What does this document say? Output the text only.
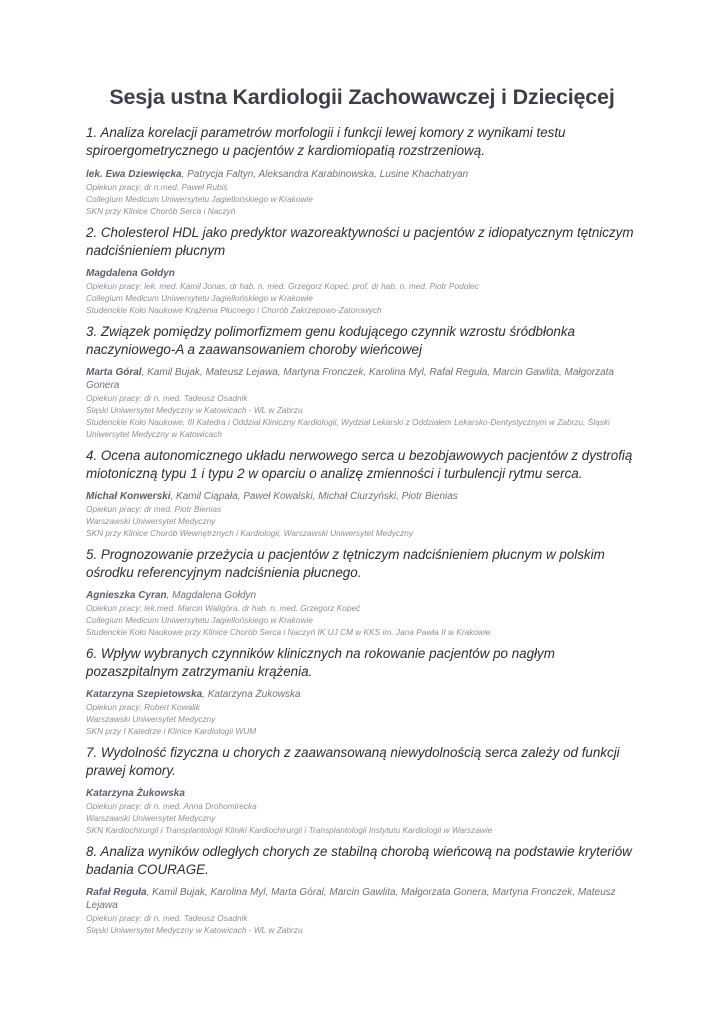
Sesja ustna Kardiologii Zachowawczej i Dziecięcej

1. Analiza korelacji parametrów morfologii i funkcji lewej komory z wynikami testu spiroergometrycznego u pacjentów z kardiomiopatią rozstrzeniową.

lek. Ewa Dziewięcka, Patrycja Faltyn, Aleksandra Karabinowska, Lusine Khachatryan

Opiekun pracy: dr n.med. Paweł Rubiś

Collegium Medicum Uniwersytetu Jagiellońskiego w Krakowie

SKN przy Klinice Chorób Serca i Naczyń

2. Cholesterol HDL jako predyktor wazoreaktywności u pacjentów z idiopatycznym tętniczym nadciśnieniem płucnym

Magdalena Gołdyn

Opiekun pracy: lek. med. Kamil Jonas, dr hab. n. med. Grzegorz Kopeć, prof. dr hab. n. med. Piotr Podolec

Collegium Medicum Uniwersytetu Jagiellońskiego w Krakowie

Studenckie Koło Naukowe Krążenia Płucnego i Chorób Zakrzepowo-Zatorowych

3. Związek pomiędzy polimorfizmem genu kodującego czynnik wzrostu śródbłonka naczyniowego-A a zaawansowaniem choroby wieńcowej

Marta Góral, Kamil Bujak, Mateusz Lejawa, Martyna Fronczek, Karolina Myl, Rafał Reguła, Marcin Gawlita, Małgorzata Gonera

Opiekun pracy: dr n. med. Tadeusz Osadnik

Śląski Uniwersytet Medyczny w Katowicach - WL w Zabrzu

Studenckie Koło Naukowe, III Katedra i Oddział Kliniczny Kardiologii, Wydział Lekarski z Oddziałem Lekarsko-Dentystycznym w Zabrzu, Śląski Uniwersytet Medyczny w Katowicach

4. Ocena autonomicznego układu nerwowego serca u bezobjawowych pacjentów z dystrofią miotoniczną typu 1 i typu 2 w oparciu o analizę zmienności i turbulencji rytmu serca.

Michał Konwerski, Kamil Ciąpała, Paweł Kowalski, Michał Ciurzyński, Piotr Bienias

Opiekun pracy: dr med. Piotr Bienias

Warszawski Uniwersytet Medyczny

SKN przy Klinice Chorób Wewnętrznych i Kardiologii, Warszawski Uniwersytet Medyczny

5. Prognozowanie przeżycia u pacjentów z tętniczym nadciśnieniem płucnym w polskim ośrodku referencyjnym nadciśnienia płucnego.

Agnieszka Cyran, Magdalena Gołdyn

Opiekun pracy: lek.med. Marcin Waligóra, dr hab. n. med. Grzegorz Kopeć

Collegium Medicum Uniwersytetu Jagiellońskiego w Krakowie

Studenckie Koło Naukowe przy Klinice Chorób Serca i Naczyń IK UJ CM w KKS im. Jana Pawła II w Krakowie

6. Wpływ wybranych czynników klinicznych na rokowanie pacjentów po nagłym pozaszpitalnym zatrzymaniu krążenia.

Katarzyna Szepietowska, Katarzyna Żukowska

Opiekun pracy: Robert Kowalik

Warszawski Uniwersytet Medyczny

SKN przy I Katedrze i Klinice Kardiologii WUM

7. Wydolność fizyczna u chorych z zaawansowaną niewydolnością serca zależy od funkcji prawej komory.

Katarzyna Żukowska

Opiekun pracy: dr n. med. Anna Drohomirecka

Warszawski Uniwersytet Medyczny

SKN Kardiochirurgii i Transplantologii Kliniki Kardiochirurgii i Transplantologii Instytutu Kardiologii w Warszawie

8. Analiza wyników odległych chorych ze stabilną chorobą wieńcową na podstawie kryteriów badania COURAGE.

Rafał Reguła, Kamil Bujak, Karolina Myl, Marta Góral, Marcin Gawlita, Małgorzata Gonera, Martyna Fronczek, Mateusz Lejawa

Opiekun pracy: dr n. med. Tadeusz Osadnik

Śląski Uniwersytet Medyczny w Katowicach - WL w Zabrzu
